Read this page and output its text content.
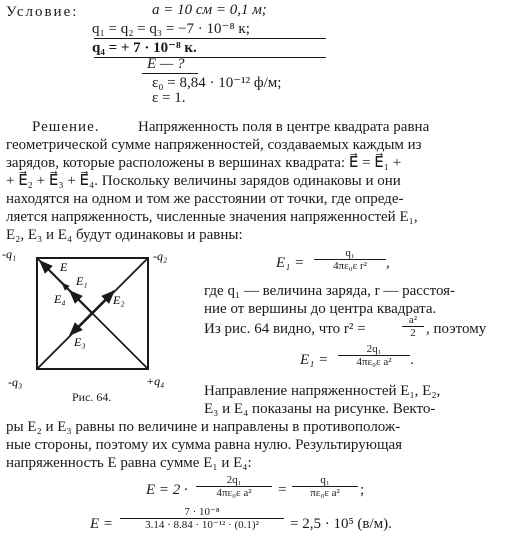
Условие:	a = 10 см = 0,1 м;
q₁ = q₂ = q₃ = −7 · 10⁻⁸ к;
q₄ = + 7 · 10⁻⁸ к.
E — ?
ε₀ = 8,84 · 10⁻¹² ф/м;
ε = 1.
Решение.	Напряженность поля в центре квадрата равна
геометрической сумме напряженностей, создаваемых каждым из
зарядов, которые расположены в вершинах квадрата: E⃗ = E⃗₁ +
+ E⃗₂ + E⃗₃ + E⃗₄. Поскольку величины зарядов одинаковы и они
находятся на одном и том же расстоянии от точки, где опреде-
ляется напряженность, численные значения напряженностей E₁,
E₂, E₃ и E₄ будут одинаковы и равны:
-q₁	-q₂
-q₃	+q₄
E
E₁
E₂
E₃
E₄
Рис. 64.
$E_1 = \frac{\text{q₁}}{\text{4πε₀ε r²}}$ ,
где q₁ — величина заряда, r — расстоя-
ние от вершины до центра квадрата.
Из рис. 64 видно, что r² =	$\frac{\text{a²}}{2}$ , поэтому
$E_1 = \frac{\text{2q₁}}{\text{4πε₀ε a²}}$ .
Направление напряженностей E₁, E₂,
E₃ и E₄ показаны на рисунке. Векто-
ры E₂ и E₃ равны по величине и направлены в противополож-
ные стороны, поэтому их сумма равна нулю. Результирующая
напряженность E равна сумме E₁ и E₄:
$E = 2 \cdot \frac{\text{2q₁}}{\text{4πε₀ε a²}} = \frac{\text{q₁}}{\text{πε₀ε a²}}$ ;
$E = \frac{\text{7 · 10⁻⁸}}{\text{3.14 · 8.84 · 10⁻¹² · (0.1)²}} = 2,5 \cdot 10^5$ (в/м).
